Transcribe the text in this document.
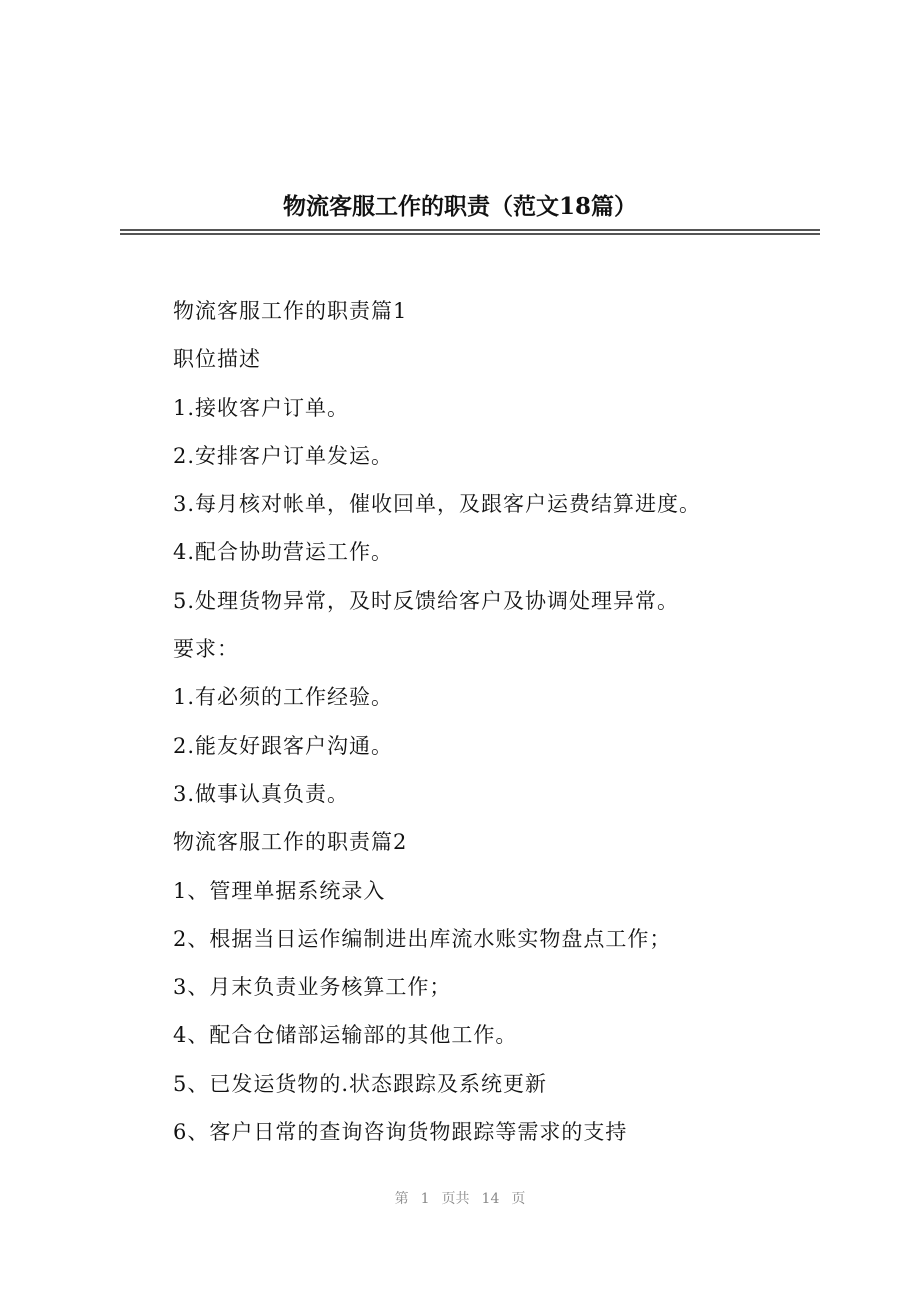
物流客服工作的职责（范文18篇）
物流客服工作的职责篇1
职位描述
1.接收客户订单。
2.安排客户订单发运。
3.每月核对帐单，催收回单，及跟客户运费结算进度。
4.配合协助营运工作。
5.处理货物异常，及时反馈给客户及协调处理异常。
要求：
1.有必须的工作经验。
2.能友好跟客户沟通。
3.做事认真负责。
物流客服工作的职责篇2
1、管理单据系统录入
2、根据当日运作编制进出库流水账实物盘点工作；
3、月末负责业务核算工作；
4、配合仓储部运输部的其他工作。
5、已发运货物的.状态跟踪及系统更新
6、客户日常的查询咨询货物跟踪等需求的支持
第 1 页共 14 页
